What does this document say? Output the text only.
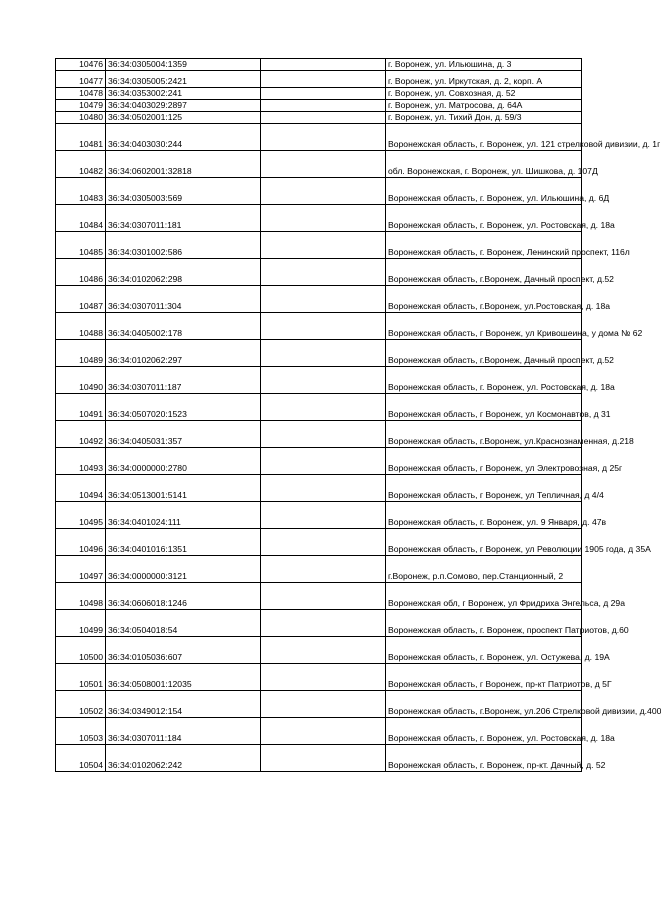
10476	36:34:0305004:1359		г. Воронеж, ул. Ильюшина, д. 3
10477	36:34:0305005:2421		г. Воронеж, ул. Иркутская, д. 2, корп. А
10478	36:34:0353002:241		г. Воронеж, ул. Совхозная, д. 52
10479	36:34:0403029:2897		г. Воронеж, ул. Матросова, д. 64А
10480	36:34:0502001:125		г. Воронеж, ул. Тихий Дон, д. 59/3
10481	36:34:0403030:244		Воронежская область, г. Воронеж, ул. 121 стрелковой дивизии, д. 1г
10482	36:34:0602001:32818		обл. Воронежская, г. Воронеж, ул. Шишкова, д. 107Д
10483	36:34:0305003:569		Воронежская область, г. Воронеж, ул. Ильюшина, д. 6Д
10484	36:34:0307011:181		Воронежская область, г. Воронеж, ул. Ростовская, д. 18а
10485	36:34:0301002:586		Воронежская область, г. Воронеж, Ленинский проспект, 116л
10486	36:34:0102062:298		Воронежская область, г.Воронеж, Дачный проспект, д.52
10487	36:34:0307011:304		Воронежская область, г.Воронеж, ул.Ростовская, д. 18а
10488	36:34:0405002:178		Воронежская область, г Воронеж, ул Кривошеина, у дома № 62
10489	36:34:0102062:297		Воронежская область, г.Воронеж, Дачный проспект, д.52
10490	36:34:0307011:187		Воронежская область, г. Воронеж, ул. Ростовская, д. 18а
10491	36:34:0507020:1523		Воронежская область, г Воронеж, ул Космонавтов, д 31
10492	36:34:0405031:357		Воронежская область, г.Воронеж, ул.Краснознаменная, д.218
10493	36:34:0000000:2780		Воронежская область, г Воронеж, ул Электровозная, д 25г
10494	36:34:0513001:5141		Воронежская область, г Воронеж, ул Тепличная, д 4/4
10495	36:34:0401024:111		Воронежская область, г. Воронеж, ул. 9 Января, д. 47в
10496	36:34:0401016:1351		Воронежская область, г Воронеж, ул Революции 1905 года, д 35А
10497	36:34:0000000:3121		г.Воронеж, р.п.Сомово, пер.Станционный, 2
10498	36:34:0606018:1246		Воронежская обл, г Воронеж, ул Фридриха Энгельса, д 29а
10499	36:34:0504018:54		Воронежская область, г. Воронеж, проспект Патриотов, д.60
10500	36:34:0105036:607		Воронежская область, г. Воронеж, ул. Остужева, д. 19А
10501	36:34:0508001:12035		Воронежская область, г Воронеж, пр-кт Патриотов, д 5Г
10502	36:34:0349012:154		Воронежская область, г.Воронеж, ул.206 Стрелковой дивизии, д.400
10503	36:34:0307011:184		Воронежская область, г. Воронеж, ул. Ростовская, д. 18а
10504	36:34:0102062:242		Воронежская область, г. Воронеж, пр-кт. Дачный, д. 52
